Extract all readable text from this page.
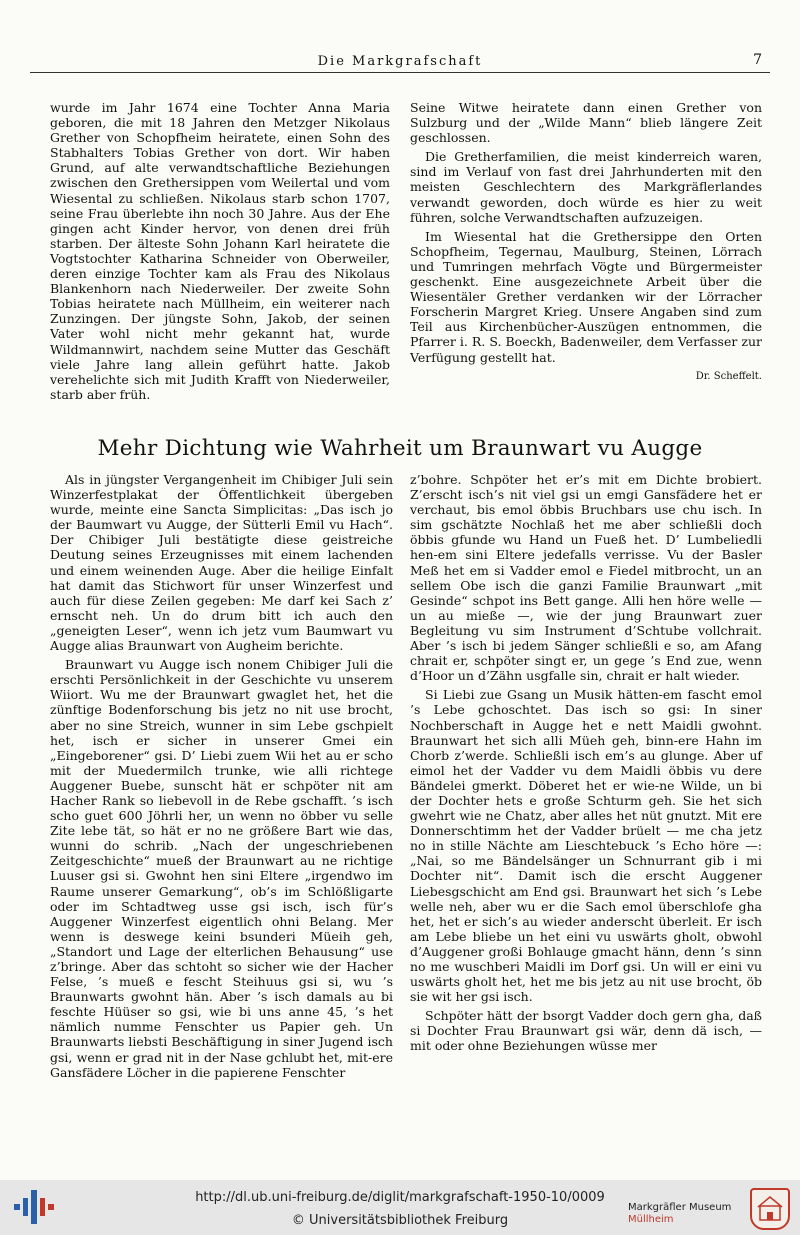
Die Markgrafschaft	7

wurde im Jahr 1674 eine Tochter Anna Maria geboren, die mit 18 Jahren den Metzger Nikolaus Grether von Schopfheim heiratete, einen Sohn des Stabhalters Tobias Grether von dort. Wir haben Grund, auf alte verwandtschaftliche Beziehungen zwischen den Grethersippen vom Weilertal und vom Wiesental zu schließen. Nikolaus starb schon 1707, seine Frau überlebte ihn noch 30 Jahre. Aus der Ehe gingen acht Kinder hervor, von denen drei früh starben. Der älteste Sohn Johann Karl heiratete die Vogtstochter Katharina Schneider von Oberweiler, deren einzige Tochter kam als Frau des Nikolaus Blankenhorn nach Niederweiler. Der zweite Sohn Tobias heiratete nach Müllheim, ein weiterer nach Zunzingen. Der jüngste Sohn, Jakob, der seinen Vater wohl nicht mehr gekannt hat, wurde Wildmannwirt, nachdem seine Mutter das Geschäft viele Jahre lang allein geführt hatte. Jakob verehelichte sich mit Judith Krafft von Niederweiler, starb aber früh.

Seine Witwe heiratete dann einen Grether von Sulzburg und der „Wilde Mann“ blieb längere Zeit geschlossen.

Die Gretherfamilien, die meist kinderreich waren, sind im Verlauf von fast drei Jahrhunderten mit den meisten Geschlechtern des Markgräflerlandes verwandt geworden, doch würde es hier zu weit führen, solche Verwandtschaften aufzuzeigen.

Im Wiesental hat die Grethersippe den Orten Schopfheim, Tegernau, Maulburg, Steinen, Lörrach und Tumringen mehrfach Vögte und Bürgermeister geschenkt. Eine ausgezeichnete Arbeit über die Wiesentäler Grether verdanken wir der Lörracher Forscherin Margret Krieg. Unsere Angaben sind zum Teil aus Kirchenbücher-Auszügen entnommen, die Pfarrer i. R. S. Boeckh, Badenweiler, dem Verfasser zur Verfügung gestellt hat.

Dr. Scheffelt.
Mehr Dichtung wie Wahrheit um Braunwart vu Augge

Als in jüngster Vergangenheit im Chibiger Juli sein Winzerfestplakat der Öffentlichkeit übergeben wurde, meinte eine Sancta Simplicitas: „Das isch jo der Baumwart vu Augge, der Sütterli Emil vu Hach“. Der Chibiger Juli bestätigte diese geistreiche Deutung seines Erzeugnisses mit einem lachenden und einem weinenden Auge. Aber die heilige Einfalt hat damit das Stichwort für unser Winzerfest und auch für diese Zeilen gegeben: Me darf kei Sach z’ ernscht neh. Un do drum bitt ich auch den „geneigten Leser“, wenn ich jetz vum Baumwart vu Augge alias Braunwart von Augheim berichte.

Braunwart vu Augge isch nonem Chibiger Juli die erschti Persönlichkeit in der Geschichte vu unserem Wiiort. Wu me der Braunwart gwaglet het, het die zünftige Bodenforschung bis jetz no nit use brocht, aber no sine Streich, wunner in sim Lebe gschpielt het, isch er sicher in unserer Gmei ein „Eingeborener“ gsi. D’ Liebi zuem Wii het au er scho mit der Muedermilch trunke, wie alli richtege Auggener Buebe, sunscht hät er schpöter nit am Hacher Rank so liebevoll in de Rebe gschafft. ’s isch scho guet 600 Jöhrli her, un wenn no öbber vu selle Zite lebe tät, so hät er no ne größere Bart wie das, wunni do schrib. „Nach der ungeschriebenen Zeitgeschichte“ mueß der Braunwart au ne richtige Luuser gsi si. Gwohnt hen sini Eltere „irgendwo im Raume unserer Gemarkung“, ob’s im Schlößligarte oder im Schtadtweg usse gsi isch, isch für’s Auggener Winzerfest eigentlich ohni Belang. Mer wenn is deswege keini bsunderi Müeih geh, „Standort und Lage der elterlichen Behausung“ use z’bringe. Aber das schtoht so sicher wie der Hacher Felse, ’s mueß e fescht Steihuus gsi si, wu ’s Braunwarts gwohnt hän. Aber ’s isch damals au bi feschte Hüüser so gsi, wie bi uns anne 45, ’s het nämlich numme Fenschter us Papier geh. Un Braunwarts liebsti Beschäftigung in siner Jugend isch gsi, wenn er grad nit in der Nase gchlubt het, mit-ere Gansfädere Löcher in die papierene Fenschter

z’bohre. Schpöter het er’s mit em Dichte brobiert. Z’erscht isch’s nit viel gsi un emgi Gansfädere het er verchaut, bis emol öbbis Bruchbars use chu isch. In sim gschätzte Nochlaß het me aber schließli doch öbbis gfunde wu Hand un Fueß het. D’ Lumbeliedli hen-em sini Eltere jedefalls verrisse. Vu der Basler Meß het em si Vadder emol e Fiedel mitbrocht, un an sellem Obe isch die ganzi Familie Braunwart „mit Gesinde“ schpot ins Bett gange. Alli hen höre welle — un au mieße —, wie der jung Braunwart zuer Begleitung vu sim Instrument d’Schtube vollchrait. Aber ’s isch bi jedem Sänger schließli e so, am Afang chrait er, schpöter singt er, un gege ’s End zue, wenn d’Hoor un d’Zähn usgfalle sin, chrait er halt wieder.

Si Liebi zue Gsang un Musik hätten-em fascht emol ’s Lebe gchoschtet. Das isch so gsi: In siner Nochberschaft in Augge het e nett Maidli gwohnt. Braunwart het sich alli Müeh geh, binn-ere Hahn im Chorb z’werde. Schließli isch em’s au glunge. Aber uf eimol het der Vadder vu dem Maidli öbbis vu dere Bändelei gmerkt. Döberet het er wie-ne Wilde, un bi der Dochter hets e große Schturm geh. Sie het sich gwehrt wie ne Chatz, aber alles het nüt gnutzt. Mit ere Donnerschtimm het der Vadder brüelt — me cha jetz no in stille Nächte am Lieschtebuck ’s Echo höre —: „Nai, so me Bändelsänger un Schnurrant gib i mi Dochter nit“. Damit isch die erscht Auggener Liebesgschicht am End gsi. Braunwart het sich ’s Lebe welle neh, aber wu er die Sach emol überschlofe gha het, het er sich’s au wieder anderscht überleit. Er isch am Lebe bliebe un het eini vu uswärts gholt, obwohl d’Auggener großi Bohlauge gmacht hänn, denn ’s sinn no me wuschberi Maidli im Dorf gsi. Un will er eini vu uswärts gholt het, het me bis jetz au nit use brocht, öb sie wit her gsi isch.

Schpöter hätt der bsorgt Vadder doch gern gha, daß si Dochter Frau Braunwart gsi wär, denn dä isch, — mit oder ohne Beziehungen wüsse mer

http://dl.ub.uni-freiburg.de/diglit/markgrafschaft-1950-10/0009
© Universitätsbibliothek Freiburg
Markgräfler Museum
Müllheim
